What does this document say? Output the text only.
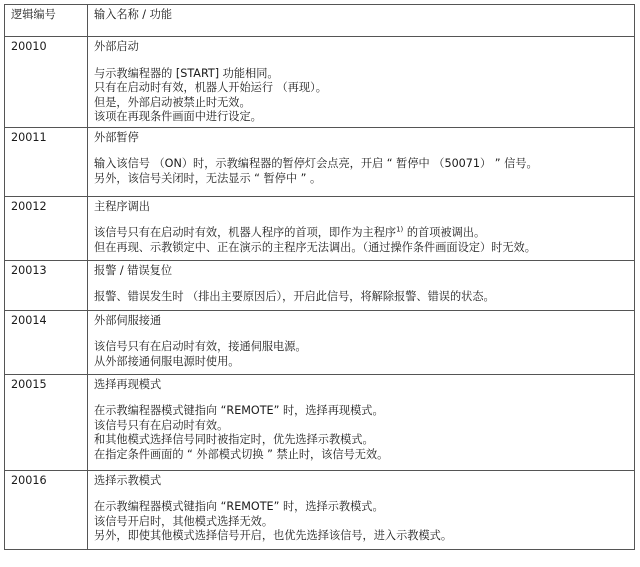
逻辑编号	输入名称 / 功能
20010	外部启动
与示教编程器的 [START] 功能相同。
只有在启动时有效，机器人开始运行 （再现）。
但是，外部启动被禁止时无效。
该项在再现条件画面中进行设定。

20011	外部暂停
输入该信号 （ON）时，示教编程器的暂停灯会点亮，开启 “ 暂停中 （50071） ” 信号。
另外，该信号关闭时，无法显示 “ 暂停中 ” 。

20012	主程序调出
该信号只有在启动时有效，机器人程序的首项，即作为主程序$^{1)}$ 的首项被调出。
但在再现、示教锁定中、正在演示的主程序无法调出。（通过操作条件画面设定）时无效。

20013	报警 / 错误复位
报警、错误发生时 （排出主要原因后），开启此信号，将解除报警、错误的状态。

20014	外部伺服接通
该信号只有在启动时有效，接通伺服电源。
从外部接通伺服电源时使用。

20015	选择再现模式
在示教编程器模式键指向 “REMOTE” 时，选择再现模式。
该信号只有在启动时有效。
和其他模式选择信号同时被指定时，优先选择示教模式。
在指定条件画面的 “ 外部模式切换 ” 禁止时，该信号无效。

20016	选择示教模式
在示教编程器模式键指向 “REMOTE” 时，选择示教模式。
该信号开启时，其他模式选择无效。
另外，即使其他模式选择信号开启，也优先选择该信号，进入示教模式。
